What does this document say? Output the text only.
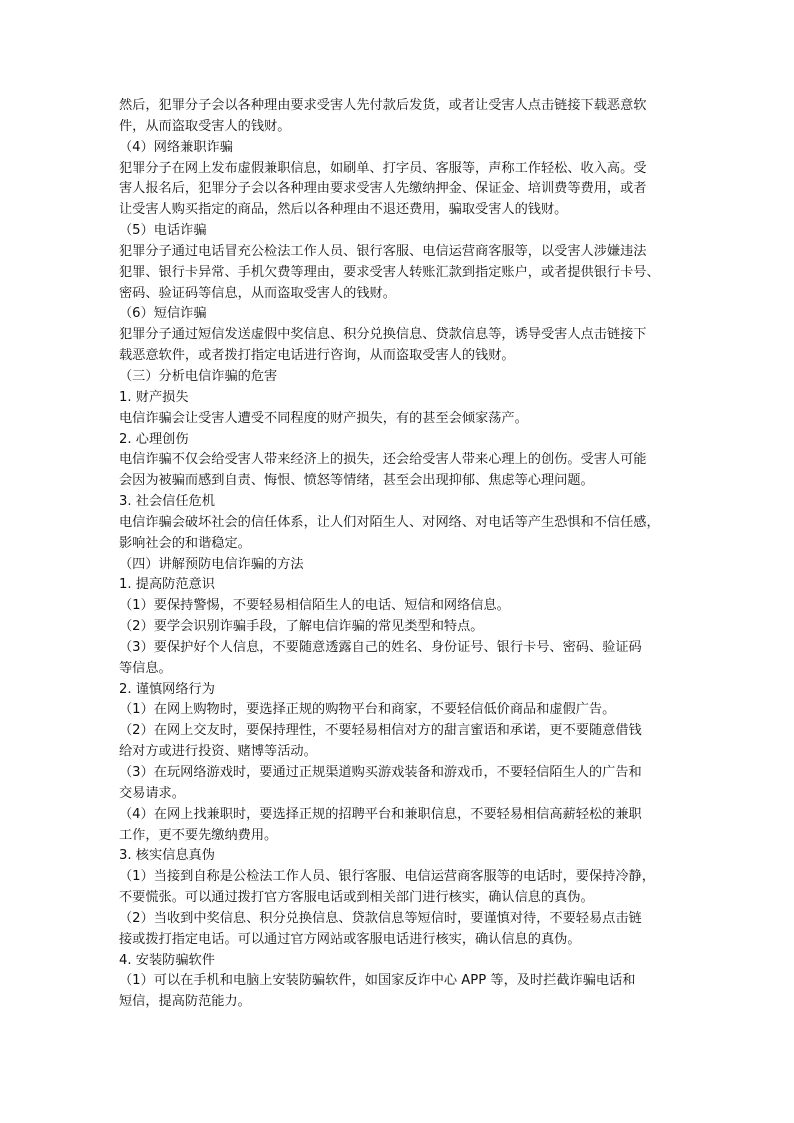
然后，犯罪分子会以各种理由要求受害人先付款后发货，或者让受害人点击链接下载恶意软
件，从而盗取受害人的钱财。
（4）网络兼职诈骗
犯罪分子在网上发布虚假兼职信息，如刷单、打字员、客服等，声称工作轻松、收入高。受
害人报名后，犯罪分子会以各种理由要求受害人先缴纳押金、保证金、培训费等费用，或者
让受害人购买指定的商品，然后以各种理由不退还费用，骗取受害人的钱财。
（5）电话诈骗
犯罪分子通过电话冒充公检法工作人员、银行客服、电信运营商客服等，以受害人涉嫌违法
犯罪、银行卡异常、手机欠费等理由，要求受害人转账汇款到指定账户，或者提供银行卡号、
密码、验证码等信息，从而盗取受害人的钱财。
（6）短信诈骗
犯罪分子通过短信发送虚假中奖信息、积分兑换信息、贷款信息等，诱导受害人点击链接下
载恶意软件，或者拨打指定电话进行咨询，从而盗取受害人的钱财。
（三）分析电信诈骗的危害
1. 财产损失
电信诈骗会让受害人遭受不同程度的财产损失，有的甚至会倾家荡产。
2. 心理创伤
电信诈骗不仅会给受害人带来经济上的损失，还会给受害人带来心理上的创伤。受害人可能
会因为被骗而感到自责、悔恨、愤怒等情绪，甚至会出现抑郁、焦虑等心理问题。
3. 社会信任危机
电信诈骗会破坏社会的信任体系，让人们对陌生人、对网络、对电话等产生恐惧和不信任感，
影响社会的和谐稳定。
（四）讲解预防电信诈骗的方法
1. 提高防范意识
（1）要保持警惕，不要轻易相信陌生人的电话、短信和网络信息。
（2）要学会识别诈骗手段，了解电信诈骗的常见类型和特点。
（3）要保护好个人信息，不要随意透露自己的姓名、身份证号、银行卡号、密码、验证码
等信息。
2. 谨慎网络行为
（1）在网上购物时，要选择正规的购物平台和商家，不要轻信低价商品和虚假广告。
（2）在网上交友时，要保持理性，不要轻易相信对方的甜言蜜语和承诺，更不要随意借钱
给对方或进行投资、赌博等活动。
（3）在玩网络游戏时，要通过正规渠道购买游戏装备和游戏币，不要轻信陌生人的广告和
交易请求。
（4）在网上找兼职时，要选择正规的招聘平台和兼职信息，不要轻易相信高薪轻松的兼职
工作，更不要先缴纳费用。
3. 核实信息真伪
（1）当接到自称是公检法工作人员、银行客服、电信运营商客服等的电话时，要保持冷静，
不要慌张。可以通过拨打官方客服电话或到相关部门进行核实，确认信息的真伪。
（2）当收到中奖信息、积分兑换信息、贷款信息等短信时，要谨慎对待，不要轻易点击链
接或拨打指定电话。可以通过官方网站或客服电话进行核实，确认信息的真伪。
4. 安装防骗软件
（1）可以在手机和电脑上安装防骗软件，如国家反诈中心 APP 等，及时拦截诈骗电话和
短信，提高防范能力。
